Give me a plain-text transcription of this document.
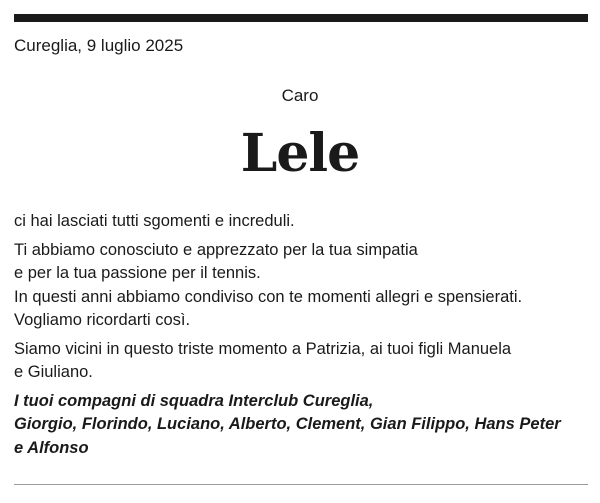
Cureglia, 9 luglio 2025
Caro
Lele

ci hai lasciati tutti sgomenti e increduli.

Ti abbiamo conosciuto e apprezzato per la tua simpatia

e per la tua passione per il tennis.

In questi anni abbiamo condiviso con te momenti allegri e spensierati.

Vogliamo ricordarti così.

Siamo vicini in questo triste momento a Patrizia, ai tuoi figli Manuela

e Giuliano.

I tuoi compagni di squadra Interclub Cureglia,

Giorgio, Florindo, Luciano, Alberto, Clement, Gian Filippo, Hans Peter

e Alfonso
